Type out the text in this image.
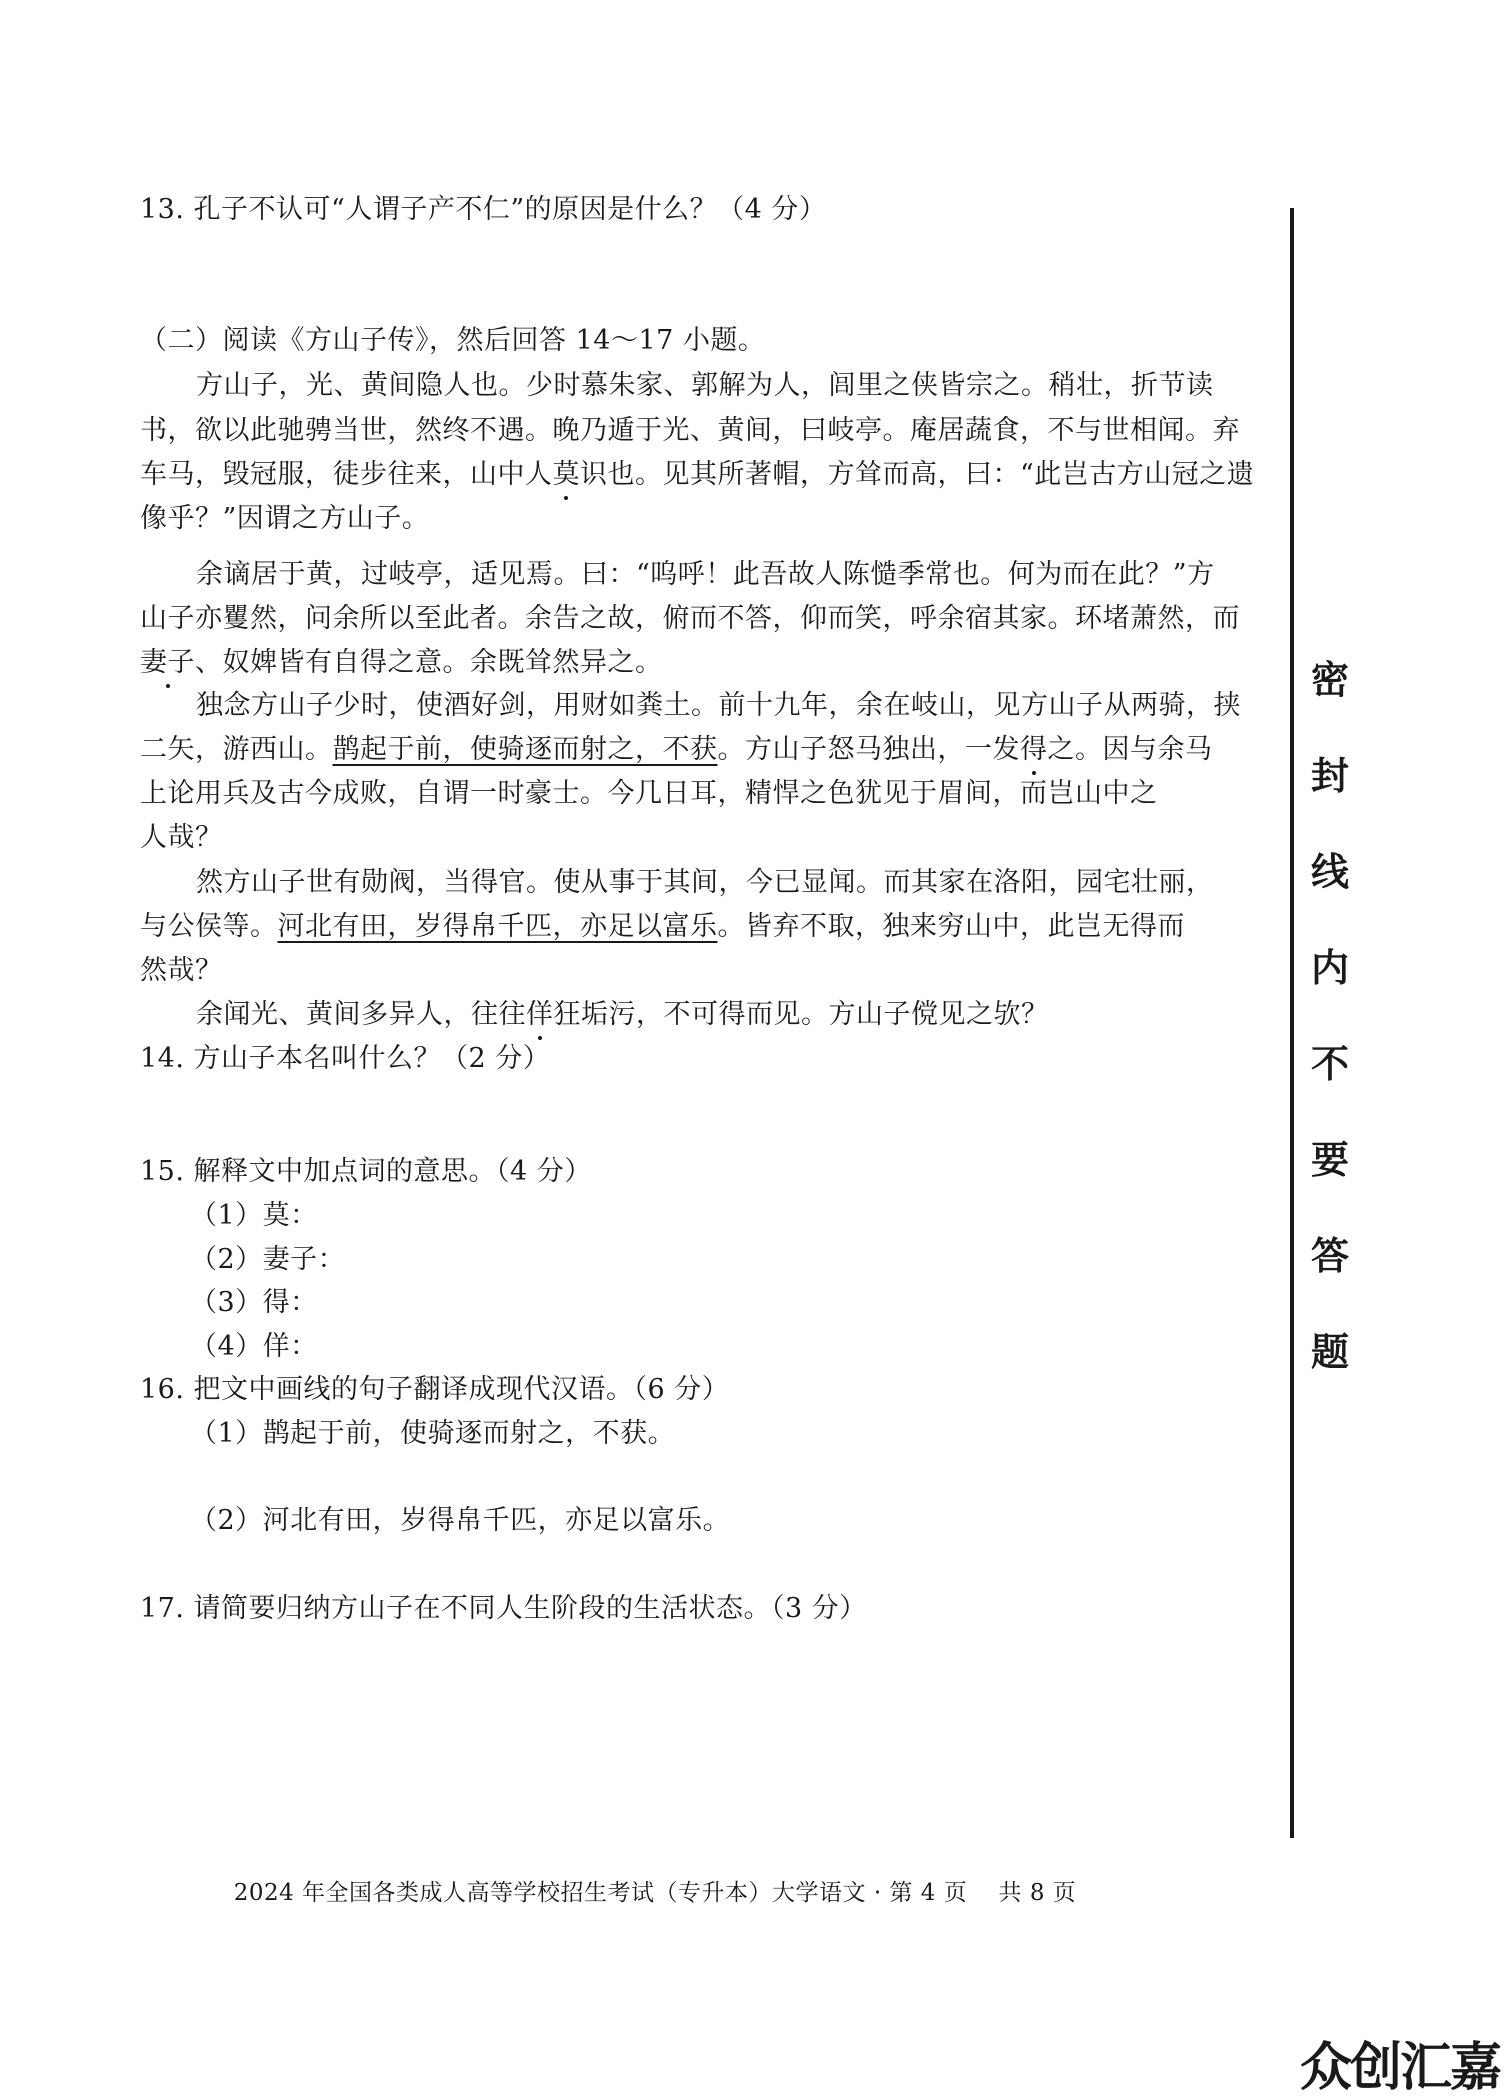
13. 孔子不认可“人谓子产不仁”的原因是什么？（4 分）
（二）阅读《方山子传》，然后回答 14～17 小题。
方山子，光、黄间隐人也。少时慕朱家、郭解为人，闾里之侠皆宗之。稍壮，折节读
书，欲以此驰骋当世，然终不遇。晚乃遁于光、黄间，曰岐亭。庵居蔬食，不与世相闻。弃
车马，毁冠服，徒步往来，山中人莫识也。见其所著帽，方耸而高，曰：“此岂古方山冠之遗
像乎？”因谓之方山子。
余谪居于黄，过岐亭，适见焉。曰：“呜呼！此吾故人陈慥季常也。何为而在此？”方
山子亦矍然，问余所以至此者。余告之故，俯而不答，仰而笑，呼余宿其家。环堵萧然，而
妻子、奴婢皆有自得之意。余既耸然异之。
独念方山子少时，使酒好剑，用财如粪土。前十九年，余在岐山，见方山子从两骑，挟
二矢，游西山。鹊起于前，使骑逐而射之，不获。方山子怒马独出，一发得之。因与余马
上论用兵及古今成败，自谓一时豪士。今几日耳，精悍之色犹见于眉间，而岂山中之
人哉？
然方山子世有勋阀，当得官。使从事于其间，今已显闻。而其家在洛阳，园宅壮丽，
与公侯等。河北有田，岁得帛千匹，亦足以富乐。皆弃不取，独来穷山中，此岂无得而
然哉？
余闻光、黄间多异人，往往佯狂垢污，不可得而见。方山子傥见之欤？
14. 方山子本名叫什么？（2 分）
15. 解释文中加点词的意思。（4 分）
（1）莫：
（2）妻子：
（3）得：
（4）佯：
16. 把文中画线的句子翻译成现代汉语。（6 分）
（1）鹊起于前，使骑逐而射之，不获。
（2）河北有田，岁得帛千匹，亦足以富乐。
17. 请简要归纳方山子在不同人生阶段的生活状态。（3 分）
密
封
线
内
不
要
答
题
2024 年全国各类成人高等学校招生考试（专升本）大学语文 · 第 4 页　 共 8 页
众创汇嘉
